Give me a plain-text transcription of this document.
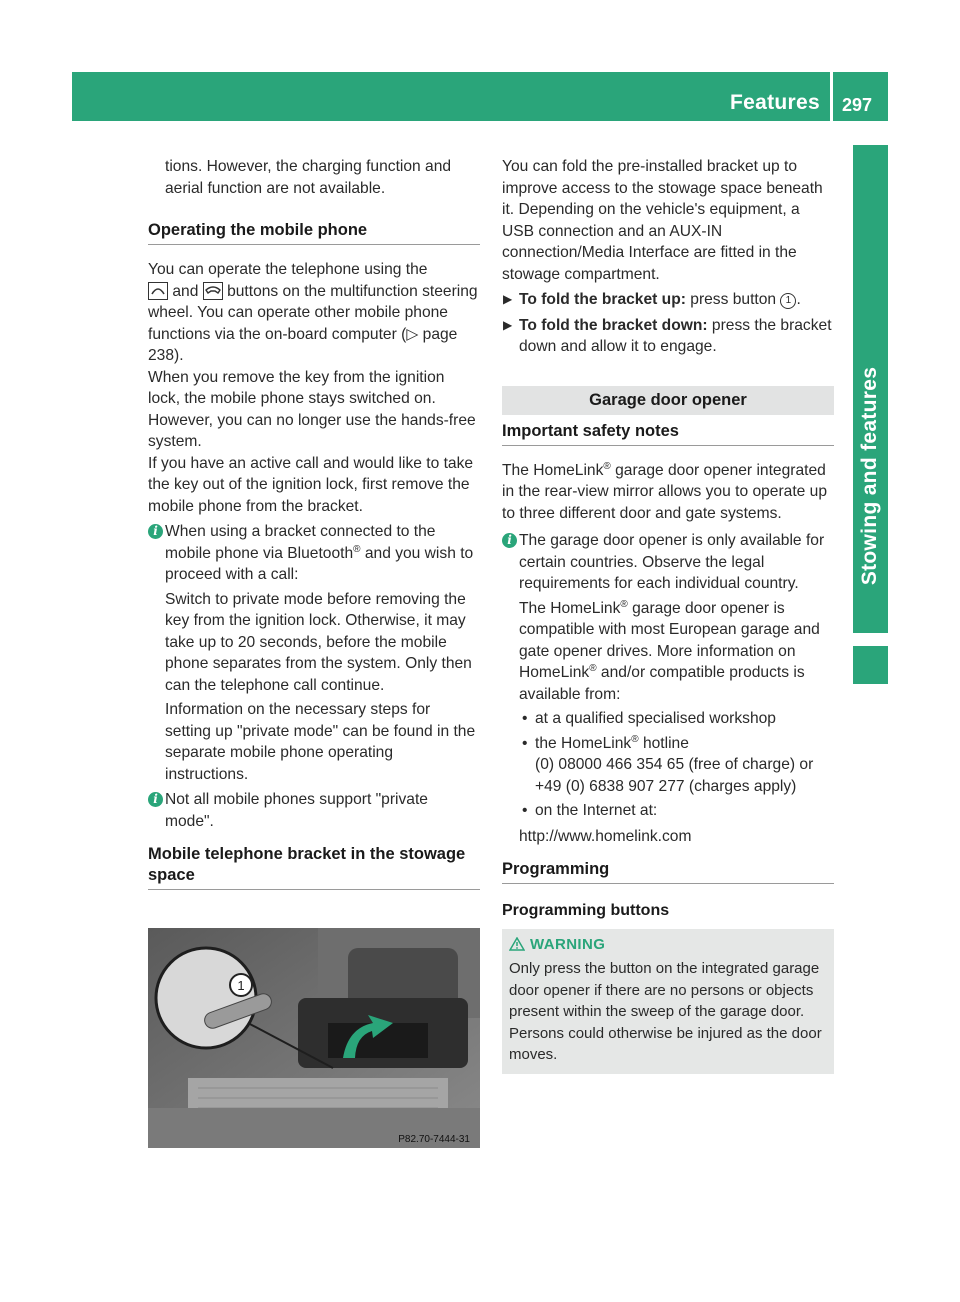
Features 297
Stowing and features

tions. However, the charging function and

aerial function are not available.

Operating the mobile phone

You can operate the telephone using the
and buttons on the multifunction steering wheel. You can operate other mobile phone functions via the on-board computer (▷ page 238).

When you remove the key from the ignition lock, the mobile phone stays switched on. However, you can no longer use the hands-free system.

If you have an active call and would like to take the key out of the ignition lock, first remove the mobile phone from the bracket.

i When using a bracket connected to the mobile phone via Bluetooth® and you wish to proceed with a call:

Switch to private mode before removing the key from the ignition lock. Otherwise, it may take up to 20 seconds, before the mobile phone separates from the system. Only then can the telephone call continue.

Information on the necessary steps for setting up "private mode" can be found in the separate mobile phone operating instructions.

i Not all mobile phones support "private mode".

Mobile telephone bracket in the stowage space
1
P82.70-7444-31

You can fold the pre-installed bracket up to improve access to the stowage space beneath it. Depending on the vehicle's equipment, a USB connection and an AUX-IN connection/Media Interface are fitted in the stowage compartment.

▶ To fold the bracket up: press button 1 .
▶ To fold the bracket down: press the bracket down and allow it to engage.
Garage door opener
Important safety notes

The HomeLink® garage door opener integrated in the rear-view mirror allows you to operate up to three different door and gate systems.

i The garage door opener is only available for certain countries. Observe the legal requirements for each individual country.

The HomeLink® garage door opener is compatible with most European garage and gate opener drives. More information on HomeLink® and/or compatible products is available from:

• at a qualified specialised workshop
• the HomeLink® hotline
(0) 08000 466 354 65 (free of charge) or +49 (0) 6838 907 277 (charges apply)
• on the Internet at:

http://www.homelink.com

Programming
Programming buttons
WARNING

Only press the button on the integrated garage door opener if there are no persons or objects present within the sweep of the garage door. Persons could otherwise be injured as the door moves.
